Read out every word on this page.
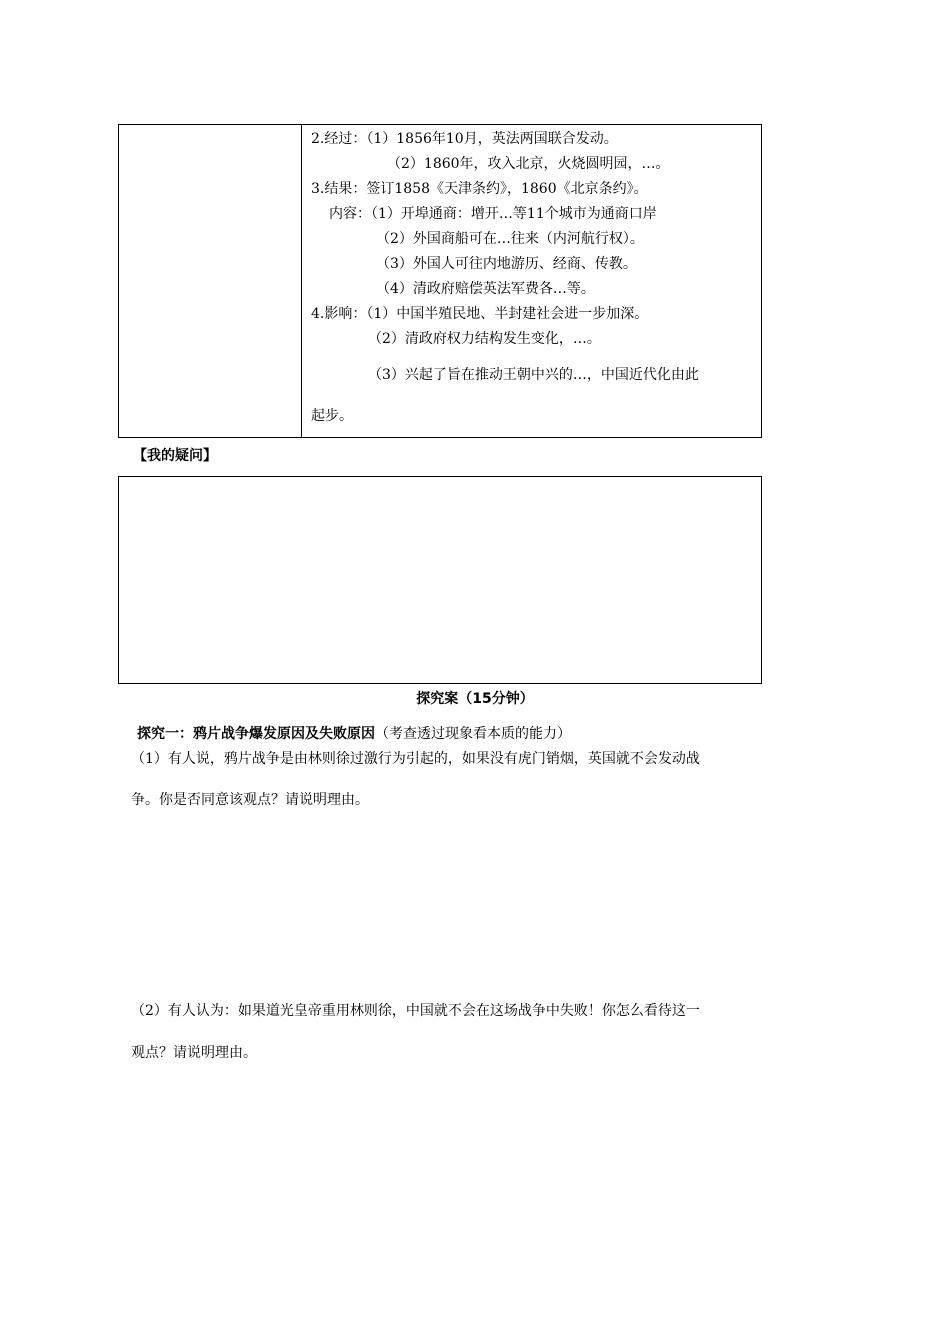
2.经过：（1）1856年10月，英法两国联合发动。
（2）1860年，攻入北京，火烧圆明园，…。
3.结果：签订1858《天津条约》，1860《北京条约》。
内容：（1）开埠通商：增开…等11个城市为通商口岸
（2）外国商船可在…往来（内河航行权）。
（3）外国人可往内地游历、经商、传教。
（4）清政府赔偿英法军费各…等。
4.影响：（1）中国半殖民地、半封建社会进一步加深。
（2）清政府权力结构发生变化，…。
（3）兴起了旨在推动王朝中兴的…，中国近代化由此
起步。
【我的疑问】
探究案（15分钟）
探究一：鸦片战争爆发原因及失败原因（考查透过现象看本质的能力）
（1）有人说，鸦片战争是由林则徐过激行为引起的，如果没有虎门销烟，英国就不会发动战
争。你是否同意该观点？请说明理由。
（2）有人认为：如果道光皇帝重用林则徐，中国就不会在这场战争中失败！你怎么看待这一
观点？请说明理由。
